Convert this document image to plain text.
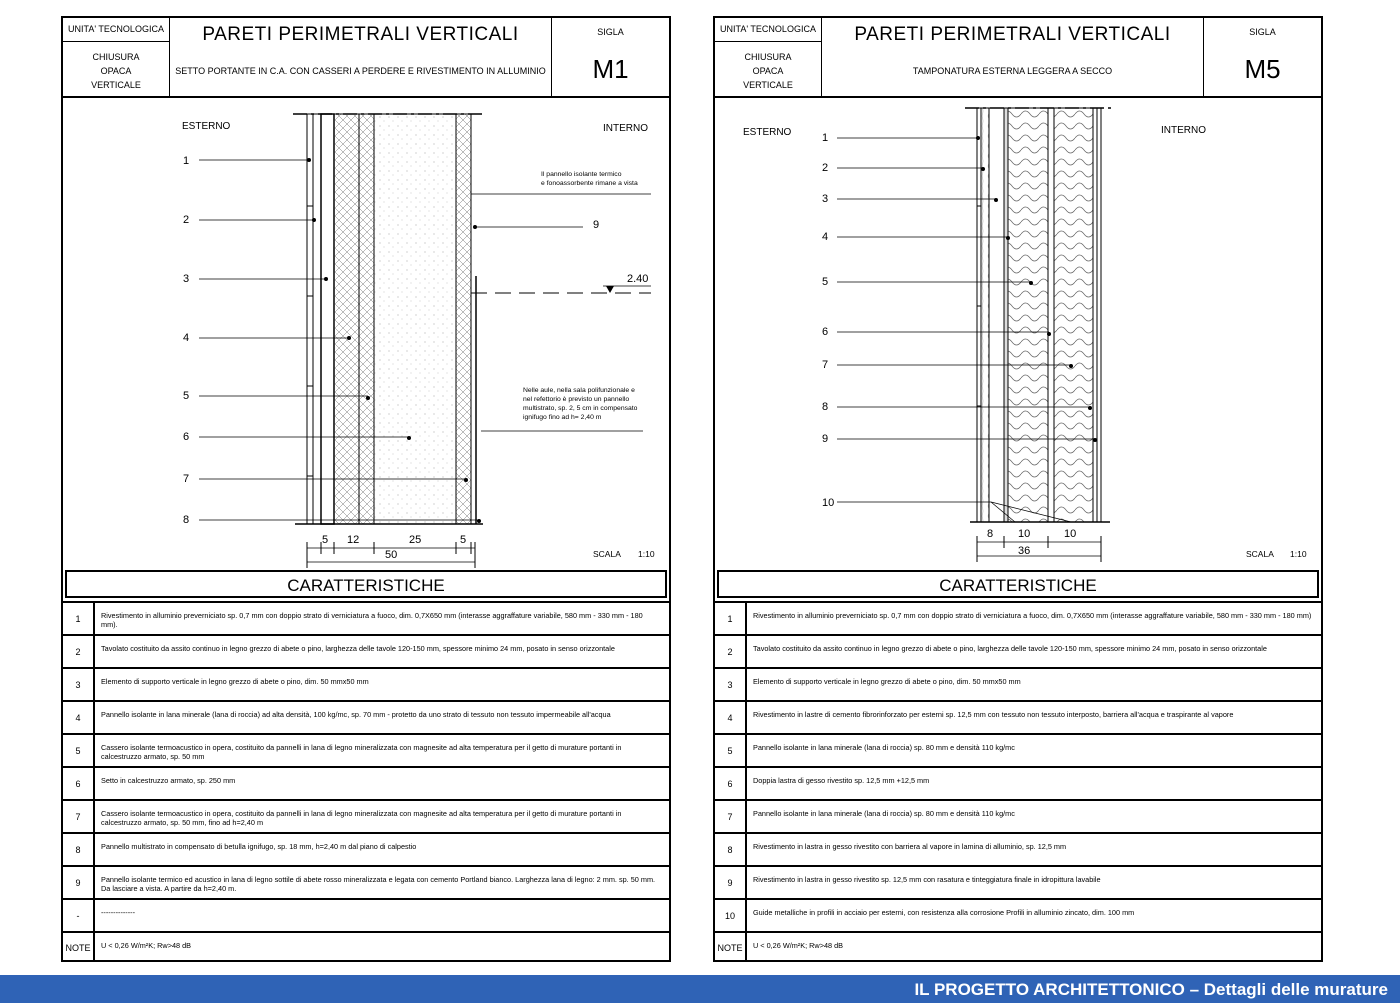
UNITA' TECNOLOGICA
CHIUSURA
OPACA
VERTICALE
PARETI PERIMETRALI VERTICALI
SETTO PORTANTE IN C.A. CON CASSERI A PERDERE E RIVESTIMENTO IN ALLUMINIO
SIGLA
M1
ESTERNO	INTERNO
1
2
3
4
5
6
7
8
9
Il pannello isolante termico
e fonoassorbente rimane a vista
2.40
Nelle aule, nella sala polifunzionale e
nel refettorio è previsto un pannello
multistrato, sp. 2, 5 cm in compensato
ignifugo fino ad h= 2,40 m
5 12	25	5
50	SCALA 1:10
CARATTERISTICHE
1	Rivestimento in alluminio preverniciato sp. 0,7 mm con doppio strato di verniciatura a fuoco, dim. 0,7X650 mm (interasse aggraffature variabile, 580 mm - 330 mm - 180 mm).
2	Tavolato costituito da assito continuo in legno grezzo di abete o pino, larghezza delle tavole 120-150 mm, spessore minimo 24 mm, posato in senso orizzontale
3	Elemento di supporto verticale in legno grezzo di abete o pino, dim. 50 mmx50 mm
4	Pannello isolante in lana minerale (lana di roccia) ad alta densità, 100 kg/mc, sp. 70 mm - protetto da uno strato di tessuto non tessuto impermeabile all'acqua
5	Cassero isolante termoacustico in opera, costituito da pannelli in lana di legno mineralizzata con magnesite ad alta temperatura per il getto di murature portanti in calcestruzzo armato, sp. 50 mm
6	Setto in calcestruzzo armato, sp. 250 mm
7	Cassero isolante termoacustico in opera, costituito da pannelli in lana di legno mineralizzata con magnesite ad alta temperatura per il getto di murature portanti in calcestruzzo armato, sp. 50 mm, fino ad h=2,40 m
8	Pannello multistrato in compensato di betulla ignifugo, sp. 18 mm, h=2,40 m dal piano di calpestio
9	Pannello isolante termico ed acustico in lana di legno sottile di abete rosso mineralizzata e legata con cemento Portland bianco. Larghezza lana di legno: 2 mm. sp. 50 mm. Da lasciare a vista. A partire da h=2,40 m.
-	--------------
NOTE	U < 0,26 W/m²K; Rw>48 dB
UNITA' TECNOLOGICA
CHIUSURA
OPACA
VERTICALE
PARETI PERIMETRALI VERTICALI
TAMPONATURA ESTERNA LEGGERA A SECCO
SIGLA
M5
ESTERNO	INTERNO
1
2
3
4
5
6
7
8
9
10
8 10	10
36	SCALA 1:10
CARATTERISTICHE
1	Rivestimento in alluminio preverniciato sp. 0,7 mm con doppio strato di verniciatura a fuoco, dim. 0,7X650 mm (interasse aggraffature variabile, 580 mm - 330 mm - 180 mm)
2	Tavolato costituito da assito continuo in legno grezzo di abete o pino, larghezza delle tavole 120-150 mm, spessore minimo 24 mm, posato in senso orizzontale
3	Elemento di supporto verticale in legno grezzo di abete o pino, dim. 50 mmx50 mm
4	Rivestimento in lastre di cemento fibrorinforzato per esterni sp. 12,5 mm con tessuto non tessuto interposto, barriera all'acqua e traspirante al vapore
5	Pannello isolante in lana minerale (lana di roccia) sp. 80 mm e densità 110 kg/mc
6	Doppia lastra di gesso rivestito sp. 12,5 mm +12,5 mm
7	Pannello isolante in lana minerale (lana di roccia) sp. 80 mm e densità 110 kg/mc
8	Rivestimento in lastra in gesso rivestito con barriera al vapore in lamina di alluminio, sp. 12,5 mm
9	Rivestimento in lastra in gesso rivestito sp. 12,5 mm con rasatura e tinteggiatura finale in idropittura lavabile
10	Guide metalliche in profili in acciaio per esterni, con resistenza alla corrosione Profili in alluminio zincato, dim. 100 mm
NOTE	U < 0,26 W/m²K; Rw>48 dB
IL PROGETTO ARCHITETTONICO – Dettagli delle murature
